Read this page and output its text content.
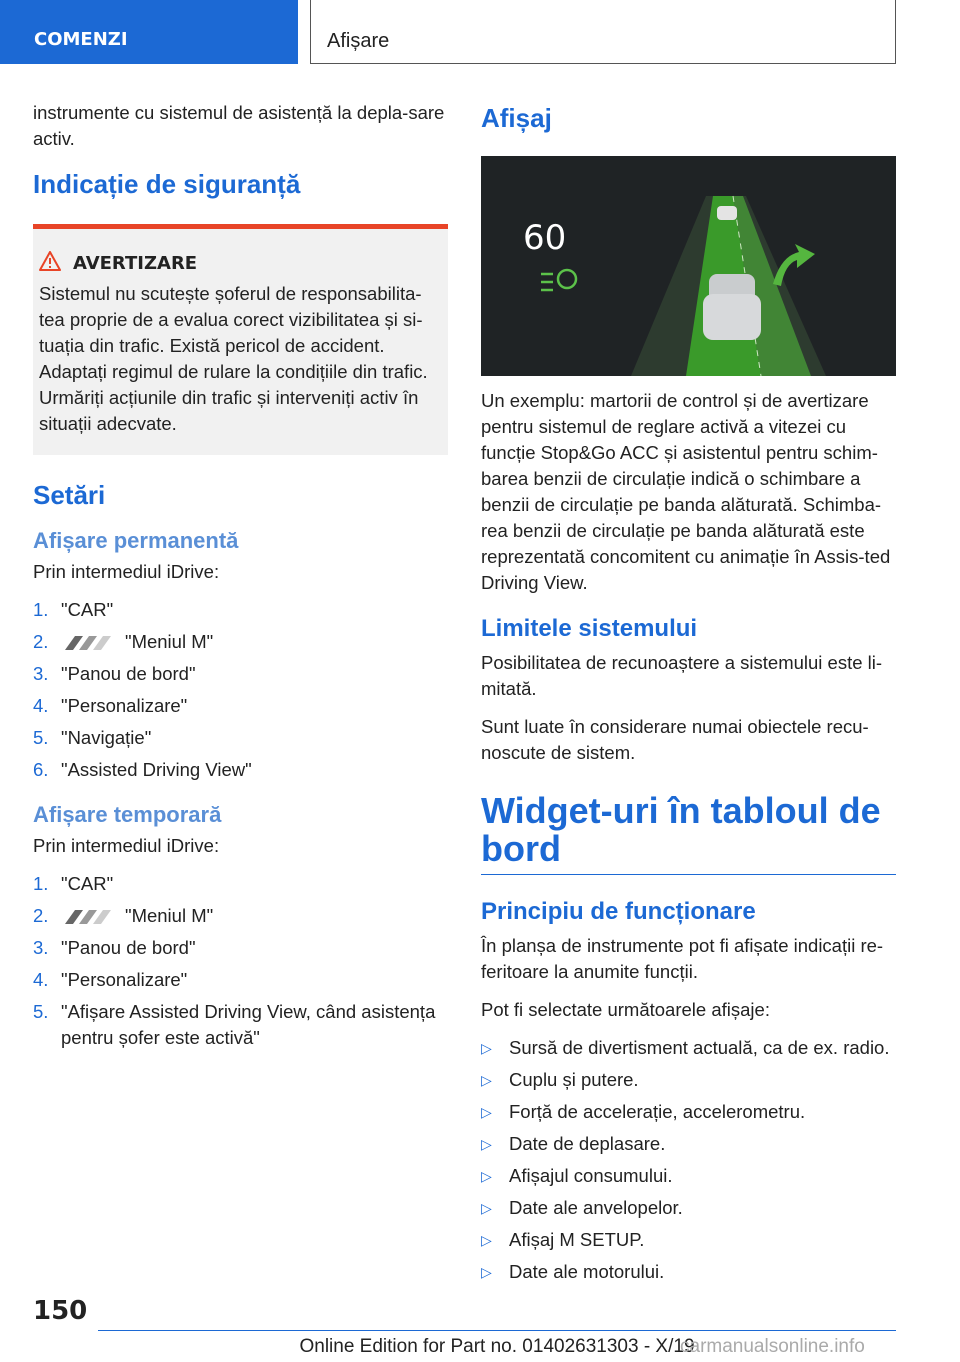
COMENZI	Afișare

instrumente cu sistemul de asistență la depla-sare activ.

Indicație de siguranță
AVERTIZARE
Sistemul nu scutește șoferul de responsabilita-tea proprie de a evalua corect vizibilitatea și si-tuația din trafic. Există pericol de accident. Adaptați regimul de rulare la condițiile din trafic. Urmăriți acțiunile din trafic și interveniți activ în situații adecvate.
Setări
Afișare permanentă

Prin intermediul iDrive:

1. "CAR"
2.	"Meniul M"
3. "Panou de bord"
4. "Personalizare"
5. "Navigație"
6. "Assisted Driving View"
Afișare temporară

Prin intermediul iDrive:

1. "CAR"
2.	"Meniul M"
3. "Panou de bord"
4. "Personalizare"
5. "Afișare Assisted Driving View, când asistența pentru șofer este activă"
Afișaj
60

Un exemplu: martorii de control și de avertizare pentru sistemul de reglare activă a vitezei cu funcție Stop&Go ACC și asistentul pentru schim-barea benzii de circulație indică o schimbare a benzii de circulație pe banda alăturată. Schimba-rea benzii de circulație pe banda alăturată este reprezentată concomitent cu animație în Assis-ted Driving View.

Limitele sistemului

Posibilitatea de recunoaștere a sistemului este li-mitată.

Sunt luate în considerare numai obiectele recu-noscute de sistem.

Widget-uri în tabloul de bord
Principiu de funcționare

În planșa de instrumente pot fi afișate indicații re-feritoare la anumite funcții.

Pot fi selectate următoarele afișaje:

▷ Sursă de divertisment actuală, ca de ex. radio.
▷ Cuplu și putere.
▷ Forță de accelerație, accelerometru.
▷ Date de deplasare.
▷ Afișajul consumului.
▷ Date ale anvelopelor.
▷ Afișaj M SETUP.
▷ Date ale motorului.
150
Online Edition for Part no. 01402631303 - X/19
carmanualsonline.info
